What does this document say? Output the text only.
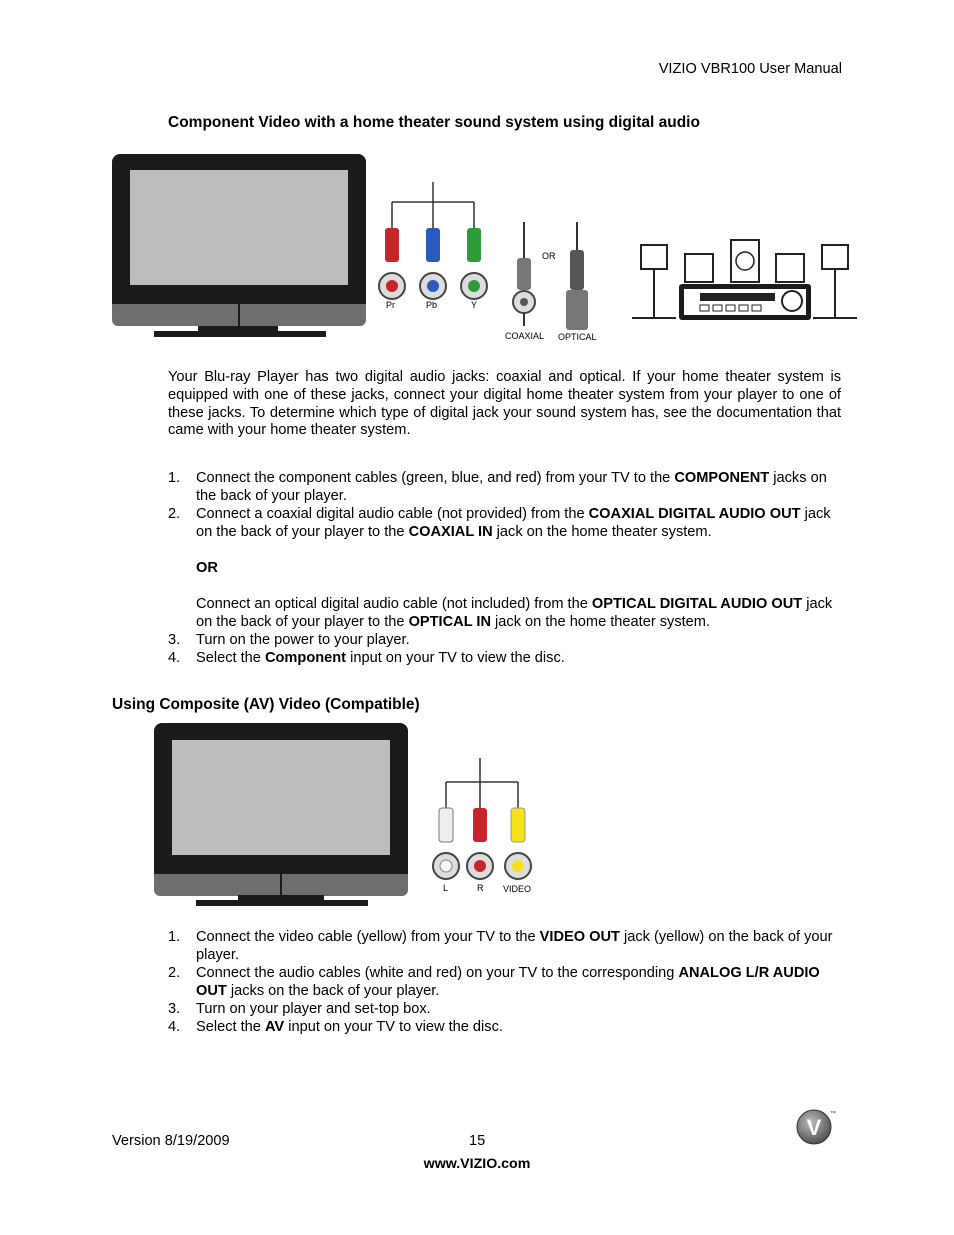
VIZIO VBR100 User Manual
Component Video with a home theater sound system using digital audio
Pr	Pb	Y
OR
COAXIAL OPTICAL
Your Blu-ray Player has two digital audio jacks: coaxial and optical. If your home theater system is equipped with one of these jacks, connect your digital home theater system from your player to one of these jacks. To determine which type of digital jack your sound system has, see the documentation that came with your home theater system.
1. Connect the component cables (green, blue, and red) from your TV to the COMPONENT jacks on the back of your player.
2. Connect a coaxial digital audio cable (not provided) from the COAXIAL DIGITAL AUDIO OUT jack on the back of your player to the COAXIAL IN jack on the home theater system.
OR
Connect an optical digital audio cable (not included) from the OPTICAL DIGITAL AUDIO OUT jack on the back of your player to the OPTICAL IN jack on the home theater system.
3. Turn on the power to your player.
4. Select the Component input on your TV to view the disc.
Using Composite (AV) Video (Compatible)
L	R VIDEO
1. Connect the video cable (yellow) from your TV to the VIDEO OUT jack (yellow) on the back of your player.
2. Connect the audio cables (white and red) on your TV to the corresponding ANALOG L/R AUDIO OUT jacks on the back of your player.
3. Turn on your player and set-top box.
4. Select the AV input on your TV to view the disc.
Version 8/19/2009	15
www.VIZIO.com
V
™
